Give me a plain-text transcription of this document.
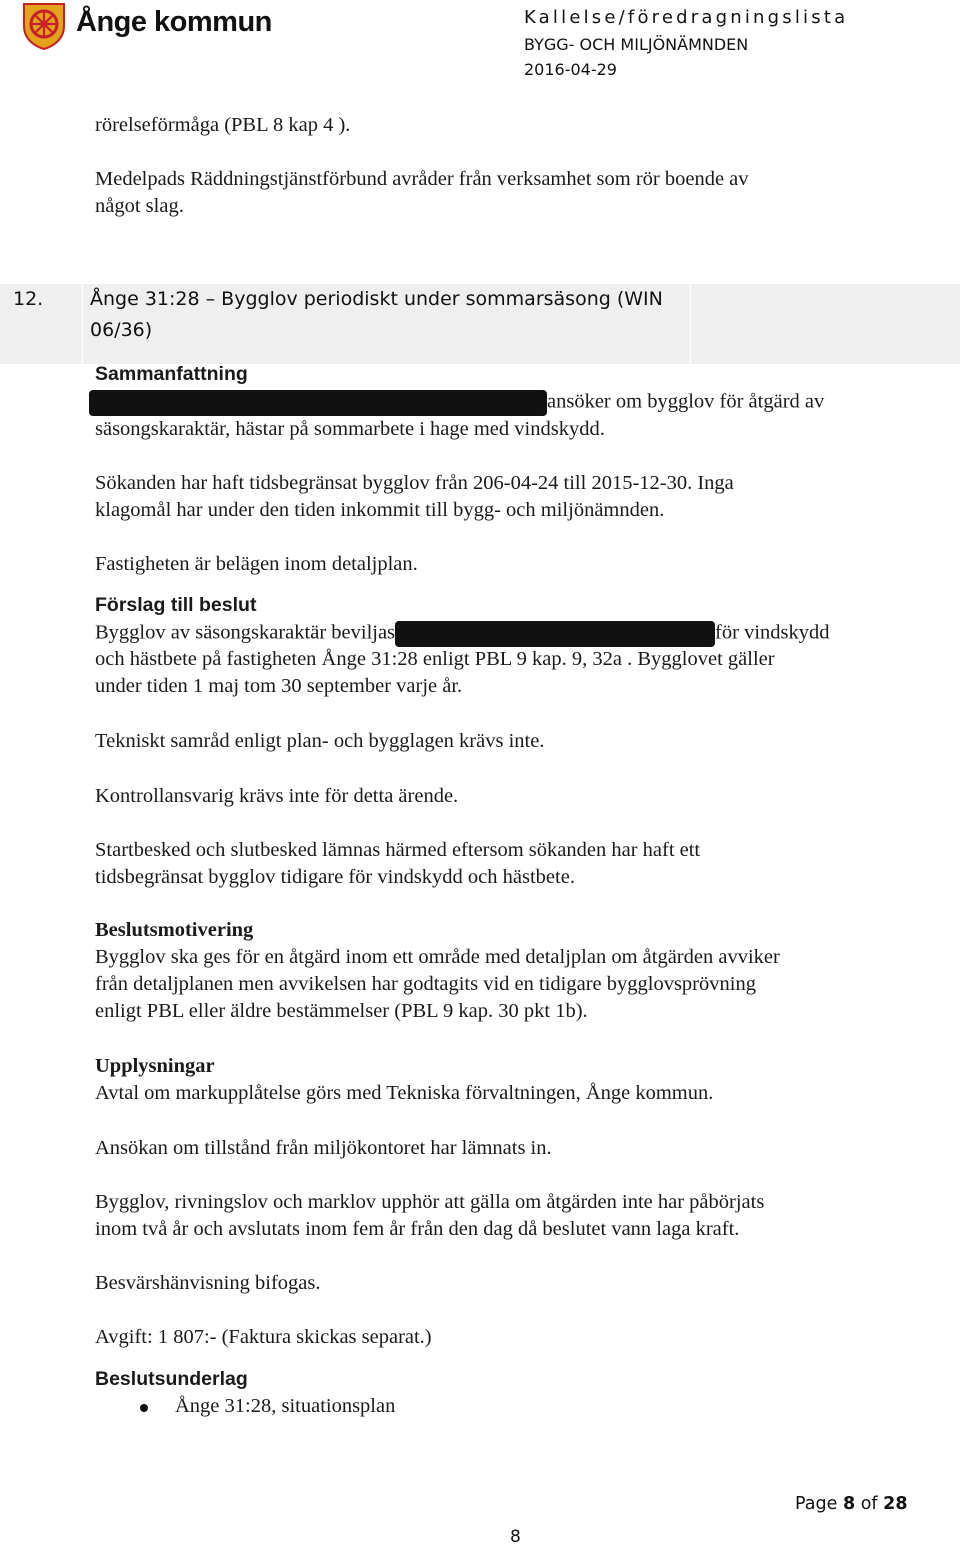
Ånge kommun	Kallelse/föredragningslista
BYGG- OCH MILJÖNÄMNDEN
2016-04-29
rörelseförmåga (PBL 8 kap 4 ).
Medelpads Räddningstjänstförbund avråder från verksamhet som rör boende av
något slag.
12. Ånge 31:28 – Bygglov periodiskt under sommarsäsong (WIN
06/36)
Sammanfattning
ansöker om bygglov för åtgärd av
säsongskaraktär, hästar på sommarbete i hage med vindskydd.
Sökanden har haft tidsbegränsat bygglov från 206-04-24 till 2015-12-30. Inga
klagomål har under den tiden inkommit till bygg- och miljönämnden.
Fastigheten är belägen inom detaljplan.
Förslag till beslut
Bygglov av säsongskaraktär beviljas	för vindskydd
och hästbete på fastigheten Ånge 31:28 enligt PBL 9 kap. 9, 32a . Bygglovet gäller
under tiden 1 maj tom 30 september varje år.
Tekniskt samråd enligt plan- och bygglagen krävs inte.
Kontrollansvarig krävs inte för detta ärende.
Startbesked och slutbesked lämnas härmed eftersom sökanden har haft ett
tidsbegränsat bygglov tidigare för vindskydd och hästbete.
Beslutsmotivering
Bygglov ska ges för en åtgärd inom ett område med detaljplan om åtgärden avviker
från detaljplanen men avvikelsen har godtagits vid en tidigare bygglovsprövning
enligt PBL eller äldre bestämmelser (PBL 9 kap. 30 pkt 1b).
Upplysningar
Avtal om markupplåtelse görs med Tekniska förvaltningen, Ånge kommun.
Ansökan om tillstånd från miljökontoret har lämnats in.
Bygglov, rivningslov och marklov upphör att gälla om åtgärden inte har påbörjats
inom två år och avslutats inom fem år från den dag då beslutet vann laga kraft.
Besvärshänvisning bifogas.
Avgift: 1 807:- (Faktura skickas separat.)
Beslutsunderlag
Ånge 31:28, situationsplan
Page 8 of 28
8
